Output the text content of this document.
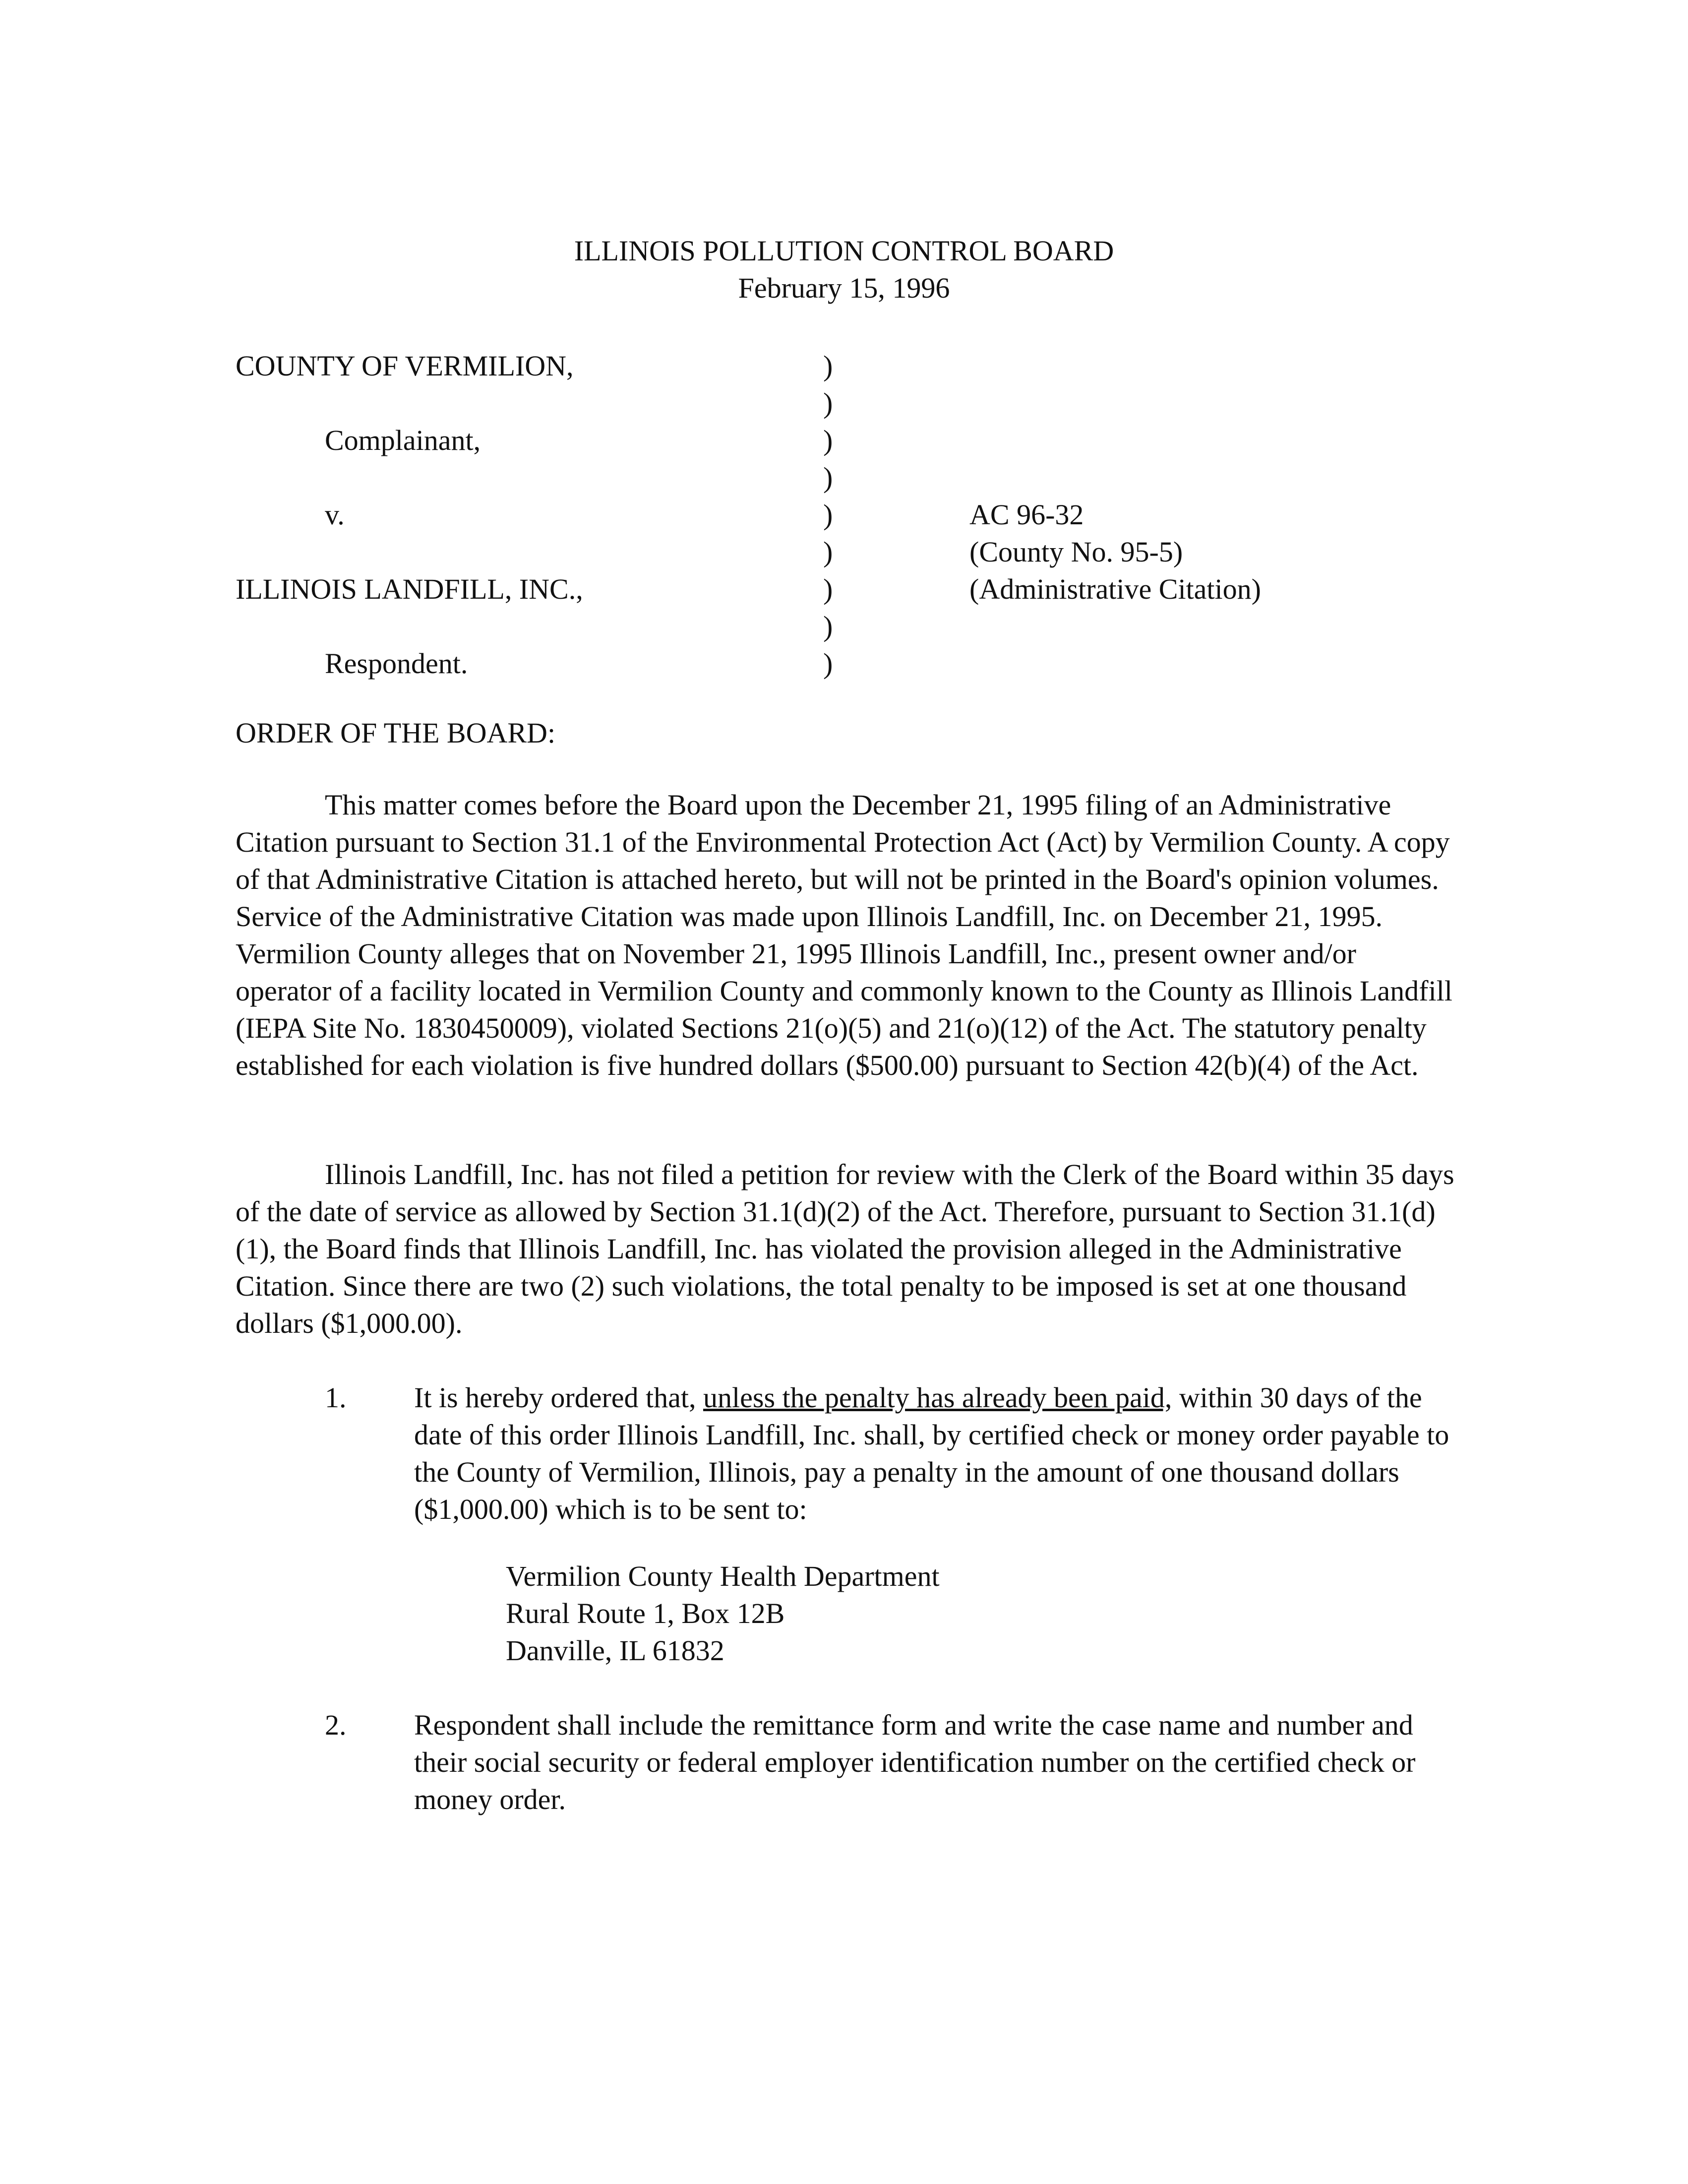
ILLINOIS POLLUTION CONTROL BOARD
February 15, 1996
COUNTY OF VERMILION,
Complainant,
v.
ILLINOIS LANDFILL, INC.,
Respondent.
)
)
)
)
)
)
)
)
)
AC 96-32
(County No. 95-5)
(Administrative Citation)
ORDER OF THE BOARD:

This matter comes before the Board upon the December 21, 1995 filing of an Administrative Citation pursuant to Section 31.1 of the Environmental Protection Act (Act) by Vermilion County. A copy of that Administrative Citation is attached hereto, but will not be printed in the Board's opinion volumes. Service of the Administrative Citation was made upon Illinois Landfill, Inc. on December 21, 1995. Vermilion County alleges that on November 21, 1995 Illinois Landfill, Inc., present owner and/or operator of a facility located in Vermilion County and commonly known to the County as Illinois Landfill (IEPA Site No. 1830450009), violated Sections 21(o)(5) and 21(o)(12) of the Act. The statutory penalty established for each violation is five hundred dollars ($500.00) pursuant to Section 42(b)(4) of the Act.

Illinois Landfill, Inc. has not filed a petition for review with the Clerk of the Board within 35 days of the date of service as allowed by Section 31.1(d)(2) of the Act. Therefore, pursuant to Section 31.1(d)(1), the Board finds that Illinois Landfill, Inc. has violated the provision alleged in the Administrative Citation. Since there are two (2) such violations, the total penalty to be imposed is set at one thousand dollars ($1,000.00).

1. It is hereby ordered that, unless the penalty has already been paid, within 30 days of the date of this order Illinois Landfill, Inc. shall, by certified check or money order payable to the County of Vermilion, Illinois, pay a penalty in the amount of one thousand dollars ($1,000.00) which is to be sent to:

Vermilion County Health Department
Rural Route 1, Box 12B
Danville, IL 61832
2. Respondent shall include the remittance form and write the case name and number and their social security or federal employer identification number on the certified check or money order.
